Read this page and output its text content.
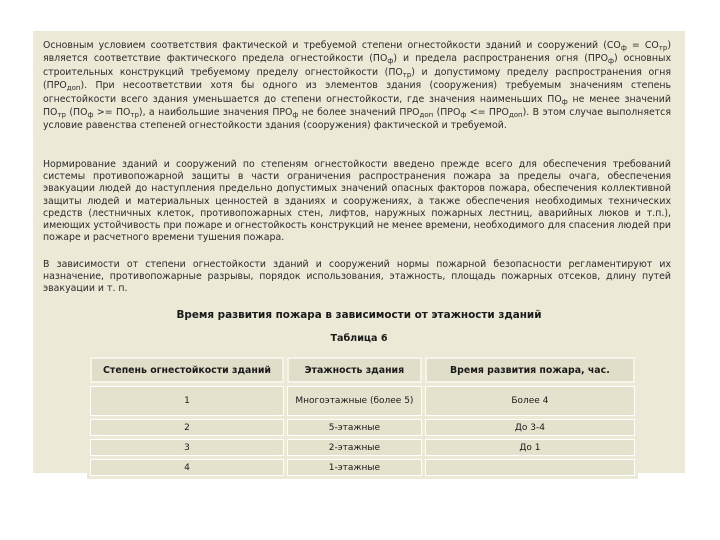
Основным условием соответствия фактической и требуемой степени огнестойкости зданий и сооружений $(СО_ф = СО_{тр})$ является соответствие фактического предела огнестойкости $(ПО_ф)$ и предела распространения огня $(ПРО_ф)$ основных строительных конструкций требуемому пределу огнестойкости $(ПО_{тр})$ и допустимому пределу распространения огня $(ПРО_{доп})$. При несоответствии хотя бы одного из элементов здания (сооружения) требуемым значениям степень огнестойкости всего здания уменьшается до степени огнестойкости, где значения наименьших $ПО_ф$ не менее значений $ПО_{тр}$ $(ПО_ф >= ПО_{тр})$, а наибольшие значения $ПРО_ф$ не более значений $ПРО_{доп}$ $(ПРО_ф <= ПРО_{доп})$. В этом случае выполняется условие равенства степеней огнестойкости здания (сооружения) фактической и требуемой.

Нормирование зданий и сооружений по степеням огнестойкости введено прежде всего для обеспечения требований системы противопожарной защиты в части ограничения распространения пожара за пределы очага, обеспечения эвакуации людей до наступления предельно допустимых значений опасных факторов пожара, обеспечения коллективной защиты людей и материальных ценностей в зданиях и сооружениях, а также обеспечения необходимых технических средств (лестничных клеток, противопожарных стен, лифтов, наружных пожарных лестниц, аварийных люков и т.п.), имеющих устойчивость при пожаре и огнестойкость конструкций не менее времени, необходимого для спасения людей при пожаре и расчетного времени тушения пожара.

В зависимости от степени огнестойкости зданий и сооружений нормы пожарной безопасности регламентируют их назначение, противопожарные разрывы, порядок использования, этажность, площадь пожарных отсеков, длину путей эвакуации и т. п.

Время развития пожара в зависимости от этажности зданий
Таблица 6
Степень огнестойкости зданий	Этажность здания	Время развития пожара, час.
1	Многоэтажные (более 5)	Более 4
2	5-этажные	До 3-4
3	2-этажные	До 1
4	1-этажные	
